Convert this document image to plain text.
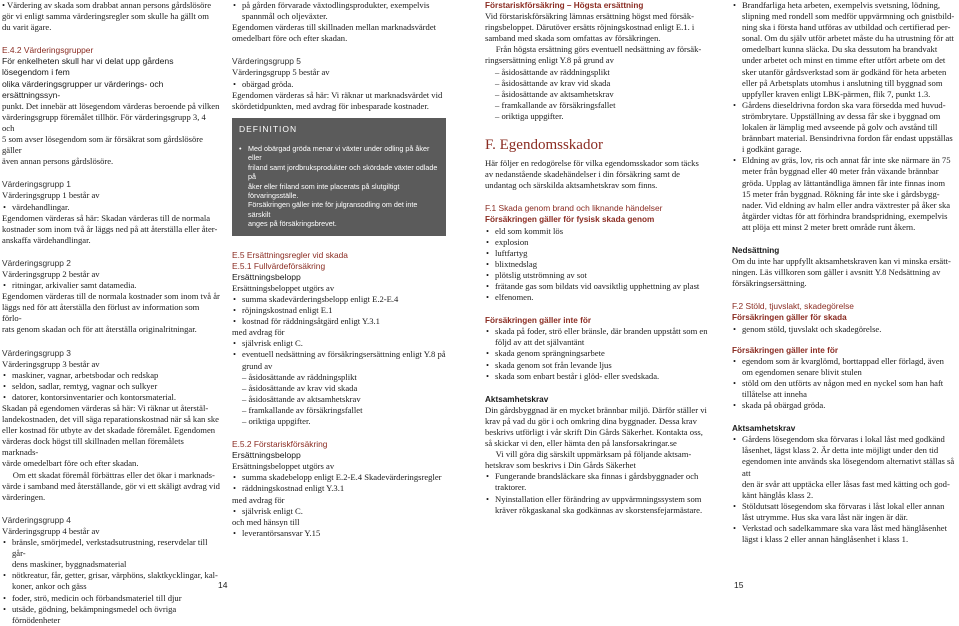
• Värdering av skada som drabbat annan persons gårdslösöre
gör vi enligt samma värderingsregler som skulle ha gällt om
du varit ägare.
E.4.2 Värderingsgrupper
För enkelheten skull har vi delat upp gårdens lösegendom i fem
olika värderingsgrupper ur värderings- och ersättningssyn-
punkt. Det innebär att lösegendom värderas beroende på vilken
värderingsgrupp föremålet tillhör. För värderingsgrupp 3, 4 och
5 som avser lösegendom som är försäkrat som gårdslösöre gäller
även annan persons gårdslösöre.
Värderingsgrupp 1
Värderingsgrupp 1 består av
• värdehandlingar.
Egendomen värderas så här: Skadan värderas till de normala
kostnader som inom två år läggs ned på att återställa eller åter-
anskaffa värdehandlingar.
Värderingsgrupp 2
Värderingsgrupp 2 består av
• ritningar, arkivalier samt datamedia.
Egendomen värderas till de normala kostnader som inom två år
läggs ned för att återställa den förlust av information som förlo-
rats genom skadan och för att återställa originalritningar.
Värderingsgrupp 3
Värderingsgrupp 3 består av
• maskiner, vagnar, arbetsbodar och redskap
• seldon, sadlar, remtyg, vagnar och sulkyer
• datorer, kontorsinventarier och kontorsmaterial.
Skadan på egendomen värderas så här: Vi räknar ut återstäl-
landekostnaden, det vill säga reparationskostnad när så kan ske
eller kostnad för utbyte av det skadade föremålet. Egendomen
värderas dock högst till skillnaden mellan föremålets marknads-
värde omedelbart före och efter skadan.
Om ett skadat föremål förbättras eller det ökar i marknads-
värde i samband med återställande, gör vi ett skäligt avdrag vid
värderingen.
Värderingsgrupp 4
Värderingsgrupp 4 består av
• bränsle, smörjmedel, verkstadsutrustning, reservdelar till går-
dens maskiner, byggnadsmaterial
• nötkreatur, får, getter, grisar, värphöns, slaktkycklingar, kal-
koner, ankor och gäss
• foder, strö, medicin och förbandsmateriel till djur
• utsäde, gödning, bekämpningsmedel och övriga förnödenheter
• på gården förvarade växtodlingsprodukter, exempelvis
spannmål och oljeväxter.
Egendomen värderas till skillnaden mellan marknadsvärdet
omedelbart före och efter skadan.
Värderingsgrupp 5
Värderingsgrupp 5 består av
• obärgad gröda.
Egendomen värderas så här: Vi räknar ut marknadsvärdet vid
skördetidpunkten, med avdrag för inbesparade kostnader.
DEFINITION
• Med obärgad gröda menar vi växter under odling på åker eller
friland samt jordbruksprodukter och skördade växter odlade på
åker eller friland som inte placerats på slutgiltigt förvaringsställe.
Försäkringen gäller inte för julgransodling om det inte särskilt
anges på försäkringsbrevet.
E.5 Ersättningsregler vid skada
E.5.1 Fullvärdeförsäkring
Ersättningsbelopp
Ersättningsbeloppet utgörs av
• summa skadevärderingsbelopp enligt E.2-E.4
• röjningskostnad enligt E.1
• kostnad för räddningsåtgärd enligt Y.3.1
med avdrag för
• självrisk enligt C.
• eventuell nedsättning av försäkringsersättning enligt Y.8 på
grund av
– åsidosättande av räddningsplikt
– åsidosättande av krav vid skada
– åsidosättande av aktsamhetskrav
– framkallande av försäkringsfallet
– oriktiga uppgifter.
E.5.2 Förstariskförsäkring
Ersättningsbelopp
Ersättningsbeloppet utgörs av
• summa skadebelopp enligt E.2-E.4 Skadevärderingsregler
• räddningskostnad enligt Y.3.1
med avdrag för
• självrisk enligt C.
och med hänsyn till
• leverantörsansvar Y.15
14
Förstariskförsäkring – Högsta ersättning
Vid förstariskförsäkring lämnas ersättning högst med försäk-
ringsbeloppet. Därutöver ersätts röjningskostnad enligt E.1. i
samband med skada som omfattas av försäkringen.
Från högsta ersättning görs eventuell nedsättning av försäk-
ringsersättning enligt Y.8 på grund av
– åsidosättande av räddningsplikt
– åsidosättande av krav vid skada
– åsidosättande av aktsamhetskrav
– framkallande av försäkringsfallet
– oriktiga uppgifter.
F. Egendomsskador
Här följer en redogörelse för vilka egendomsskador som täcks
av nedanstående skadehändelser i din försäkring samt de
undantag och särskilda aktsamhetskrav som finns.
F.1 Skada genom brand och liknande händelser
Försäkringen gäller för fysisk skada genom
• eld som kommit lös
• explosion
• luftfartyg
• blixtnedslag
• plötslig utströmning av sot
• frätande gas som bildats vid oavsiktlig upphettning av plast
• elfenomen.
Försäkringen gäller inte för
• skada på foder, strö eller bränsle, där branden uppstått som en
följd av att det självantänt
• skada genom sprängningsarbete
• skada genom sot från levande ljus
• skada som enbart består i glöd- eller svedskada.
Aktsamhetskrav
Din gårdsbyggnad är en mycket brännbar miljö. Därför ställer vi
krav på vad du gör i och omkring dina byggnader. Dessa krav
beskrivs utförligt i vår skrift Din Gårds Säkerhet. Kontakta oss,
så skickar vi den, eller hämta den på lansforsakringar.se
Vi vill göra dig särskilt uppmärksam på följande aktsam-
hetskrav som beskrivs i Din Gårds Säkerhet
• Fungerande brandsläckare ska finnas i gårdsbyggnader och
traktorer.
• Nyinstallation eller förändring av uppvärmningssystem som
kräver rökgaskanal ska godkännas av skorstensfejarmästare.
• Brandfarliga heta arbeten, exempelvis svetsning, lödning,
slipning med rondell som medför uppvärmning och gnistbild-
ning ska i första hand utföras av utbildad och certifierad per-
sonal. Om du själv utför arbetet måste du ha utrustning för att
omedelbart kunna släcka. Du ska dessutom ha brandvakt
under arbetet och minst en timme efter utfört arbete om det
sker utanför gårdsverkstad som är godkänd för heta arbeten
eller på Arbetsplats utomhus i anslutning till byggnad som
uppfyller kraven enligt LBK-pärmen, flik 7, punkt 1.3.
• Gårdens dieseldrivna fordon ska vara försedda med huvud-
strömbrytare. Uppställning av dessa får ske i byggnad om
lokalen är lämplig med avseende på golv och avstånd till
brännbart material. Bensindrivna fordon får endast uppställas
i godkänt garage.
• Eldning av gräs, lov, ris och annat får inte ske närmare än 75
meter från byggnad eller 40 meter från växande brännbar
gröda. Upplag av lättantändliga ämnen får inte finnas inom
15 meter från byggnad. Rökning får inte ske i gårdsbygg-
nader. Vid eldning av halm eller andra växtrester på åker ska
åtgärder vidtas för att förhindra brandspridning, exempelvis
att plöja ett minst 2 meter brett område runt åkern.
Nedsättning
Om du inte har uppfyllt aktsamhetskraven kan vi minska ersätt-
ningen. Läs villkoren som gäller i avsnitt Y.8 Nedsättning av
försäkringsersättning.
F.2 Stöld, tjuvslakt, skadegörelse
Försäkringen gäller för skada
• genom stöld, tjuvslakt och skadegörelse.
Försäkringen gäller inte för
• egendom som är kvarglömd, borttappad eller förlagd, även
om egendomen senare blivit stulen
• stöld om den utförts av någon med en nyckel som han haft
tillåtelse att innehа
• skada på obärgad gröda.
Aktsamhetskrav
• Gårdens lösegendom ska förvaras i lokal låst med godkänd
låsenhet, lägst klass 2. Är detta inte möjligt under den tid
egendomen inte används ska lösegendom alternativt ställas så att
den är svår att upptäcka eller låsas fast med kätting och god-
känt hänglås klass 2.
• Stöldutsatt lösegendom ska förvaras i låst lokal eller annan
låst utrymme. Hus ska vara låst när ingen är där.
• Verkstad och sadelkammare ska vara låst med hänglåsenhet
lägst i klass 2 eller annan hänglåsenhet i klass 1.
15
